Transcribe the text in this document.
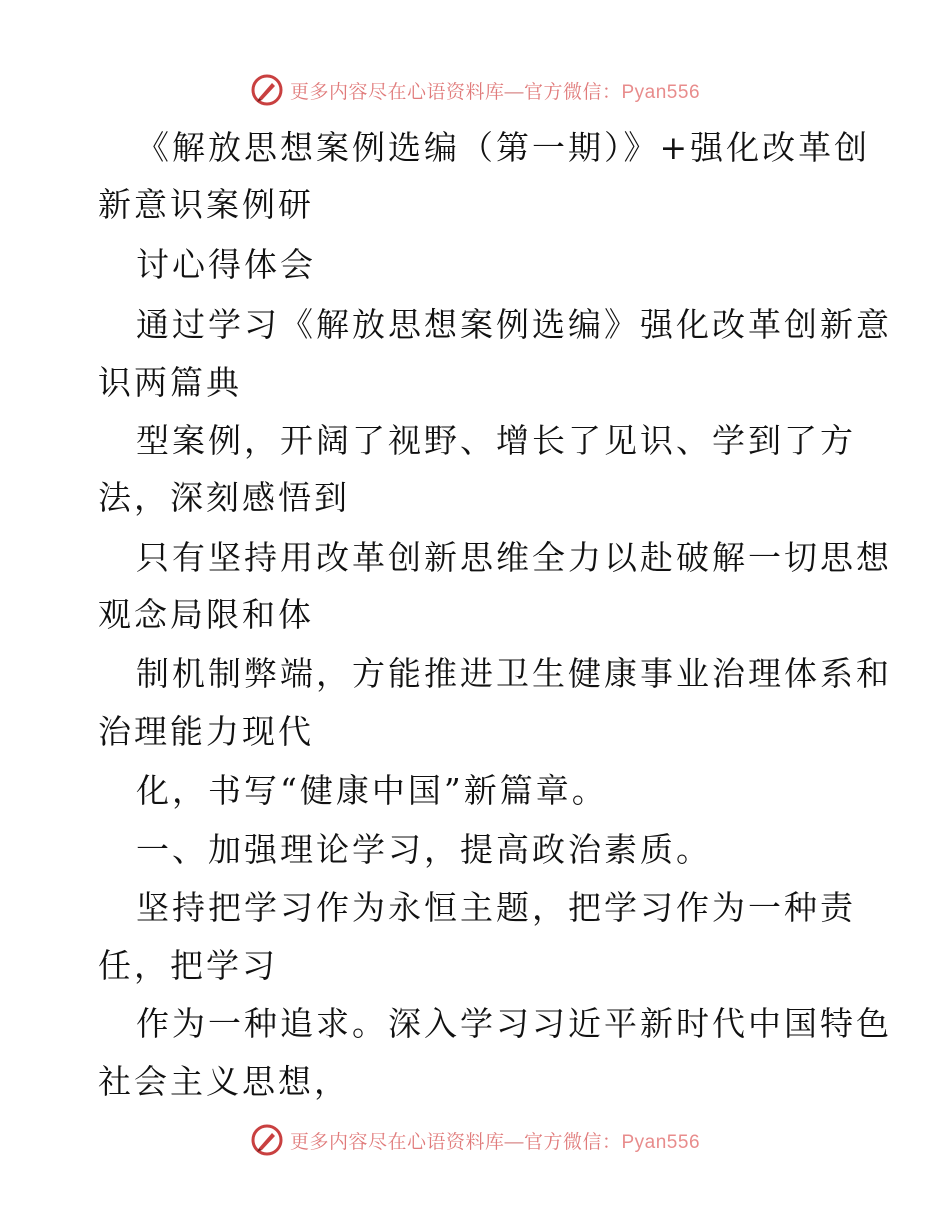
更多内容尽在心语资料库—官方微信：Pyan556
《解放思想案例选编（第一期）》+强化改革创
新意识案例研
讨心得体会
通过学习《解放思想案例选编》强化改革创新意
识两篇典
型案例，开阔了视野、增长了见识、学到了方
法，深刻感悟到
只有坚持用改革创新思维全力以赴破解一切思想
观念局限和体
制机制弊端，方能推进卫生健康事业治理体系和
治理能力现代
化，书写“健康中国”新篇章。
一、加强理论学习，提高政治素质。
坚持把学习作为永恒主题，把学习作为一种责
任，把学习
作为一种追求。深入学习习近平新时代中国特色
社会主义思想，
更多内容尽在心语资料库—官方微信：Pyan556
